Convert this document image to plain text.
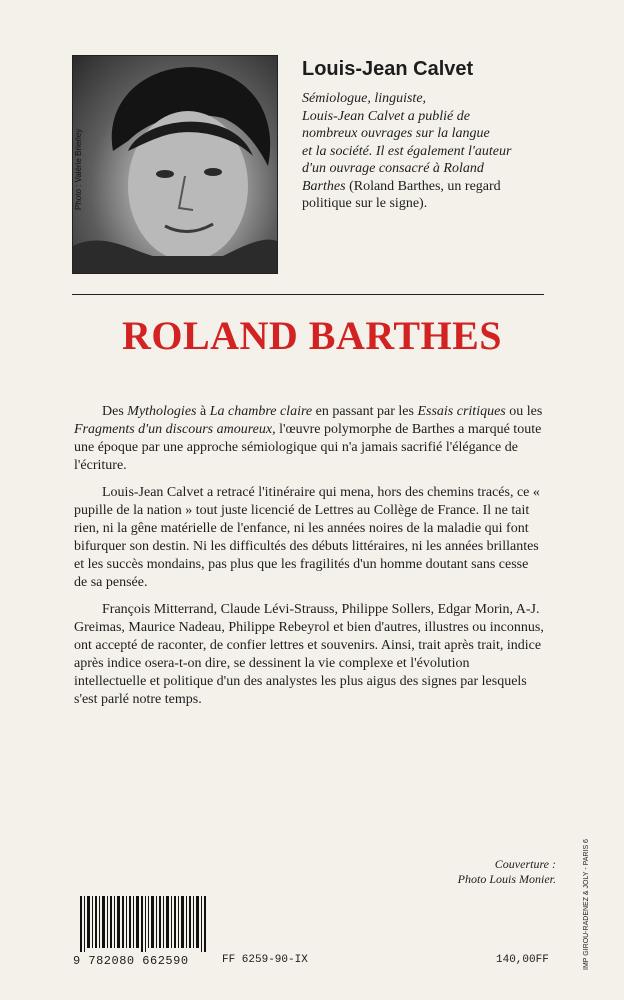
Photo : Valérie Brierley
Louis-Jean Calvet
Sémiologue, linguiste,
Louis-Jean Calvet a publié de
nombreux ouvrages sur la langue
et la société. Il est également l'auteur
d'un ouvrage consacré à Roland
Barthes (Roland Barthes, un regard
politique sur le signe).
ROLAND BARTHES
Des Mythologies à La chambre claire en passant par les Essais critiques ou les Fragments d'un discours amoureux, l'œuvre polymorphe de Barthes a marqué toute une époque par une approche sémiologique qui n'a jamais sacrifié l'élégance de l'écriture.
Louis-Jean Calvet a retracé l'itinéraire qui mena, hors des chemins tracés, ce « pupille de la nation » tout juste licencié de Lettres au Collège de France. Il ne tait rien, ni la gêne matérielle de l'enfance, ni les années noires de la maladie qui font bifurquer son destin. Ni les difficultés des débuts littéraires, ni les années brillantes et les succès mondains, pas plus que les fragilités d'un homme doutant sans cesse de sa pensée.
François Mitterrand, Claude Lévi-Strauss, Philippe Sollers, Edgar Morin, A-J. Greimas, Maurice Nadeau, Philippe Rebeyrol et bien d'autres, illustres ou inconnus, ont accepté de raconter, de confier lettres et souvenirs. Ainsi, trait après trait, indice après indice osera-t-on dire, se dessinent la vie complexe et l'évolution intellectuelle et politique d'un des analystes les plus aigus des signes par lesquels s'est parlé notre temps.
Couverture :
Photo Louis Monier.
9 782080 662590	FF 6259-90-IX	140,00FF	IMP GIROU-RADENEZ & JOLY - PARIS 6
